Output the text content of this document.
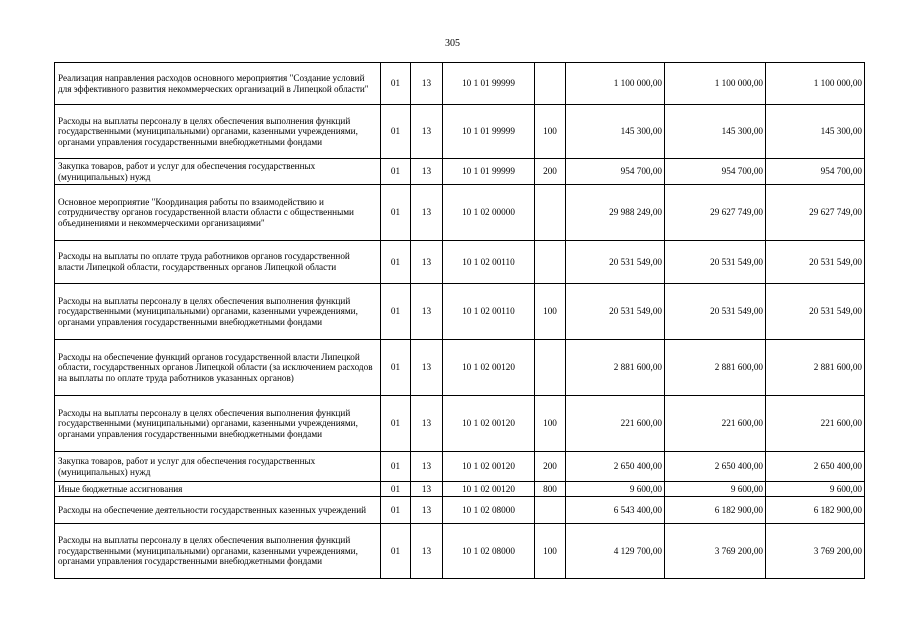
305
Реализация направления расходов основного мероприятия "Создание условий для эффективного развития некоммерческих организаций в Липецкой области"	01	13	10 1 01 99999		1 100 000,00	1 100 000,00	1 100 000,00
Расходы на выплаты персоналу в целях обеспечения выполнения функций государственными (муниципальными) органами, казенными учреждениями, органами управления государственными внебюджетными фондами	01	13	10 1 01 99999	100	145 300,00	145 300,00	145 300,00
Закупка товаров, работ и услуг для обеспечения государственных (муниципальных) нужд	01	13	10 1 01 99999	200	954 700,00	954 700,00	954 700,00
Основное мероприятие "Координация работы по взаимодействию и сотрудничеству органов государственной власти области с общественными объединениями и некоммерческими организациями"	01	13	10 1 02 00000		29 988 249,00	29 627 749,00	29 627 749,00
Расходы на выплаты по оплате труда работников органов государственной власти Липецкой области, государственных органов Липецкой области	01	13	10 1 02 00110		20 531 549,00	20 531 549,00	20 531 549,00
Расходы на выплаты персоналу в целях обеспечения выполнения функций государственными (муниципальными) органами, казенными учреждениями, органами управления государственными внебюджетными фондами	01	13	10 1 02 00110	100	20 531 549,00	20 531 549,00	20 531 549,00
Расходы на обеспечение функций органов государственной власти Липецкой области, государственных органов Липецкой области (за исключением расходов на выплаты по оплате труда работников указанных органов)	01	13	10 1 02 00120		2 881 600,00	2 881 600,00	2 881 600,00
Расходы на выплаты персоналу в целях обеспечения выполнения функций государственными (муниципальными) органами, казенными учреждениями, органами управления государственными внебюджетными фондами	01	13	10 1 02 00120	100	221 600,00	221 600,00	221 600,00
Закупка товаров, работ и услуг для обеспечения государственных (муниципальных) нужд	01	13	10 1 02 00120	200	2 650 400,00	2 650 400,00	2 650 400,00
Иные бюджетные ассигнования	01	13	10 1 02 00120	800	9 600,00	9 600,00	9 600,00
Расходы на обеспечение деятельности государственных казенных учреждений	01	13	10 1 02 08000		6 543 400,00	6 182 900,00	6 182 900,00
Расходы на выплаты персоналу в целях обеспечения выполнения функций государственными (муниципальными) органами, казенными учреждениями, органами управления государственными внебюджетными фондами	01	13	10 1 02 08000	100	4 129 700,00	3 769 200,00	3 769 200,00
